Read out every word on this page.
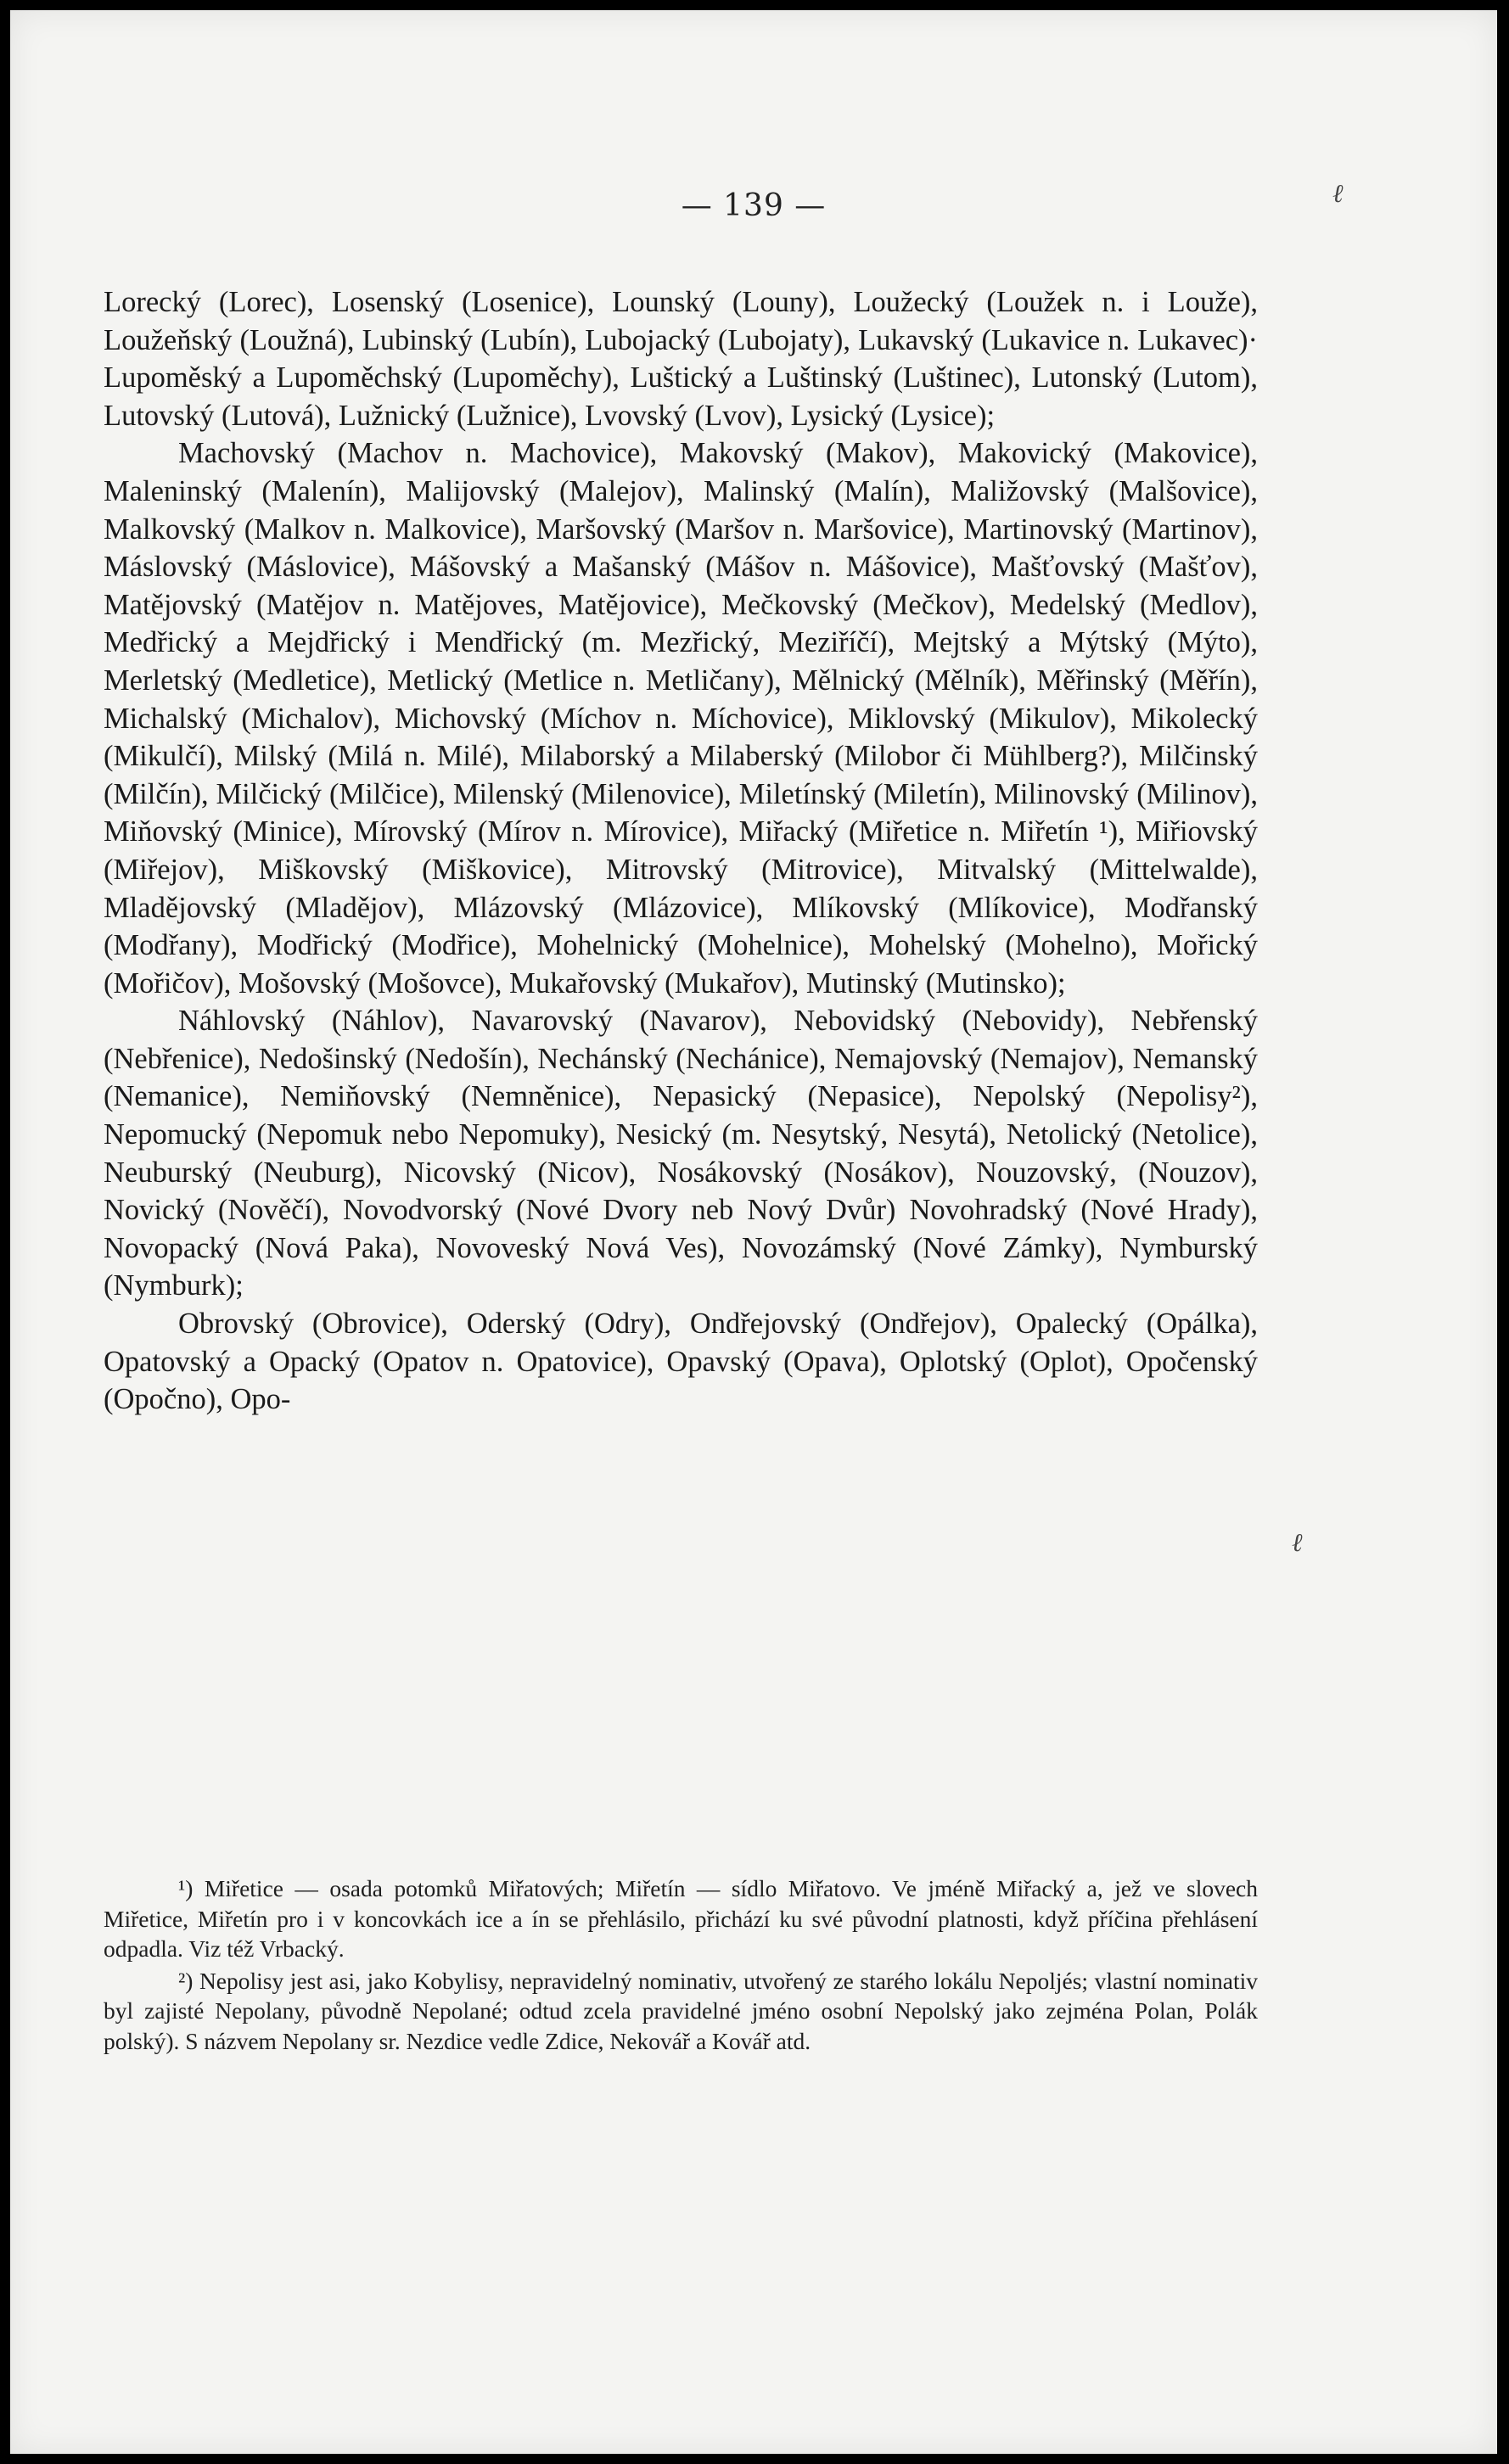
— 139 —	ℓ
ℓ

Lorecký (Lorec), Losenský (Losenice), Lounský (Louny), Loužecký (Loužek n. i Louže), Loužeňský (Loužná), Lubinský (Lubín), Lubojacký (Lubojaty), Lukavský (Lukavice n. Lukavec)· Lupoměský a Lupoměchský (Lupoměchy), Luštický a Luštinský (Luštinec), Lutonský (Lutom), Lutovský (Lutová), Lužnický (Lužnice), Lvovský (Lvov), Lysický (Lysice);

Machovský (Machov n. Machovice), Makovský (Makov), Makovický (Makovice), Maleninský (Malenín), Malijovský (Malejov), Malinský (Malín), Maližovský (Malšovice), Malkovský (Malkov n. Malkovice), Maršovský (Maršov n. Maršovice), Martinovský (Martinov), Máslovský (Máslovice), Mášovský a Mašanský (Mášov n. Mášovice), Mašťovský (Mašťov), Matějovský (Matějov n. Matějoves, Matějovice), Mečkovský (Mečkov), Medelský (Medlov), Medřický a Mejdřický i Mendřický (m. Mezřický, Meziříčí), Mejtský a Mýtský (Mýto), Merletský (Medletice), Metlický (Metlice n. Metličany), Mělnický (Mělník), Měřinský (Měřín), Michalský (Michalov), Michovský (Míchov n. Míchovice), Miklovský (Mikulov), Mikolecký (Mikulčí), Milský (Milá n. Milé), Milaborský a Milaberský (Milobor či Mühlberg?), Milčinský (Milčín), Milčický (Milčice), Milenský (Milenovice), Miletínský (Miletín), Milinovský (Milinov), Miňovský (Minice), Mírovský (Mírov n. Mírovice), Miřacký (Miřetice n. Miřetín ¹), Miřiovský (Miřejov), Miškovský (Miškovice), Mitrovský (Mitrovice), Mitvalský (Mittelwalde), Mladějovský (Mladějov), Mlázovský (Mlázovice), Mlíkovský (Mlíkovice), Modřanský (Modřany), Modřický (Modřice), Mohelnický (Mohelnice), Mohelský (Mohelno), Mořický (Mořičov), Mošovský (Mošovce), Mukařovský (Mukařov), Mutinský (Mutinsko);

Náhlovský (Náhlov), Navarovský (Navarov), Nebovidský (Nebovidy), Nebřenský (Nebřenice), Nedošinský (Nedošín), Nechánský (Nechánice), Nemajovský (Nemajov), Nemanský (Nemanice), Nemiňovský (Nemněnice), Nepasický (Nepasice), Nepolský (Nepolisy²), Nepomucký (Nepomuk nebo Nepomuky), Nesický (m. Nesytský, Nesytá), Netolický (Netolice), Neuburský (Neuburg), Nicovský (Nicov), Nosákovský (Nosákov), Nouzovský, (Nouzov), Novický (Nověčí), Novodvorský (Nové Dvory neb Nový Dvůr) Novohradský (Nové Hrady), Novopacký (Nová Paka), Novoveský Nová Ves), Novozámský (Nové Zámky), Nymburský (Nymburk);

Obrovský (Obrovice), Oderský (Odry), Ondřejovský (Ondřejov), Opalecký (Opálka), Opatovský a Opacký (Opatov n. Opatovice), Opavský (Opava), Oplotský (Oplot), Opočenský (Opočno), Opo-

¹) Miřetice — osada potomků Miřatových; Miřetín — sídlo Miřatovo. Ve jméně Miřacký a, jež ve slovech Miřetice, Miřetín pro i v koncovkách ice a ín se přehlásilo, přichází ku své původní platnosti, když příčina přehlásení odpadla. Viz též Vrbacký.

²) Nepolisy jest asi, jako Kobylisy, nepravidelný nominativ, utvořený ze starého lokálu Nepoljés; vlastní nominativ byl zajisté Nepolany, původně Nepolané; odtud zcela pravidelné jméno osobní Nepolský jako zejména Polan, Polák polský). S názvem Nepolany sr. Nezdice vedle Zdice, Nekovář a Kovář atd.
